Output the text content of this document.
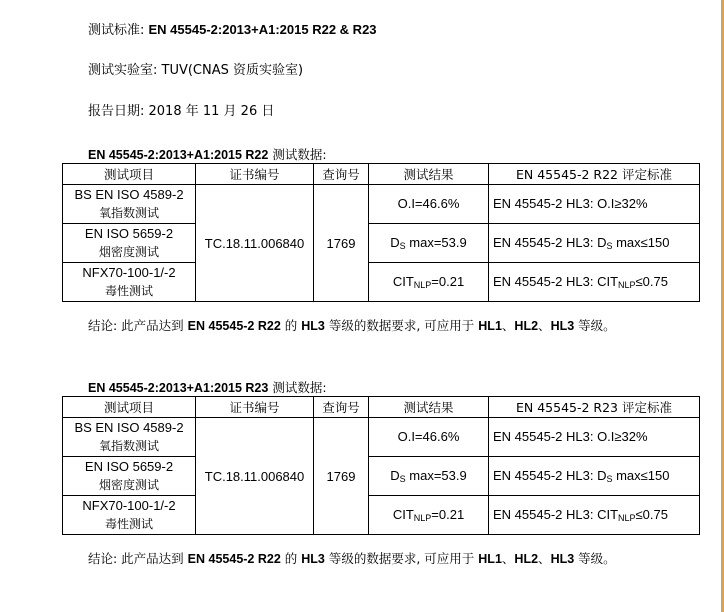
测试标准: EN 45545-2:2013+A1:2015 R22 & R23
测试实验室: TUV(CNAS 资质实验室)
报告日期: 2018 年 11 月 26 日
EN 45545-2:2013+A1:2015 R22 测试数据:
测试项目	证书编号	查询号	测试结果	EN 45545-2 R22 评定标准

BS EN ISO 4589-2
氧指数测试	TC.18.11.006840	1769	O.I=46.6%	EN 45545-2 HL3: O.I≥32%

EN ISO 5659-2
烟密度测试			$D_S$ max=53.9	EN 45545-2 HL3: $D_S$ max≤150

NFX70-100-1/-2
毒性测试			$CIT_{NLP}=0.21$	EN 45545-2 HL3: $CIT_{NLP}\le 0.75$
结论: 此产品达到 EN 45545-2 R22 的 HL3 等级的数据要求, 可应用于 HL1、HL2、HL3 等级。
EN 45545-2:2013+A1:2015 R23 测试数据:
测试项目	证书编号	查询号	测试结果	EN 45545-2 R23 评定标准

BS EN ISO 4589-2
氧指数测试	TC.18.11.006840	1769	O.I=46.6%	EN 45545-2 HL3: O.I≥32%

EN ISO 5659-2
烟密度测试			$D_S$ max=53.9	EN 45545-2 HL3: $D_S$ max≤150

NFX70-100-1/-2
毒性测试			$CIT_{NLP}=0.21$	EN 45545-2 HL3: $CIT_{NLP}\le 0.75$
结论: 此产品达到 EN 45545-2 R22 的 HL3 等级的数据要求, 可应用于 HL1、HL2、HL3 等级。
